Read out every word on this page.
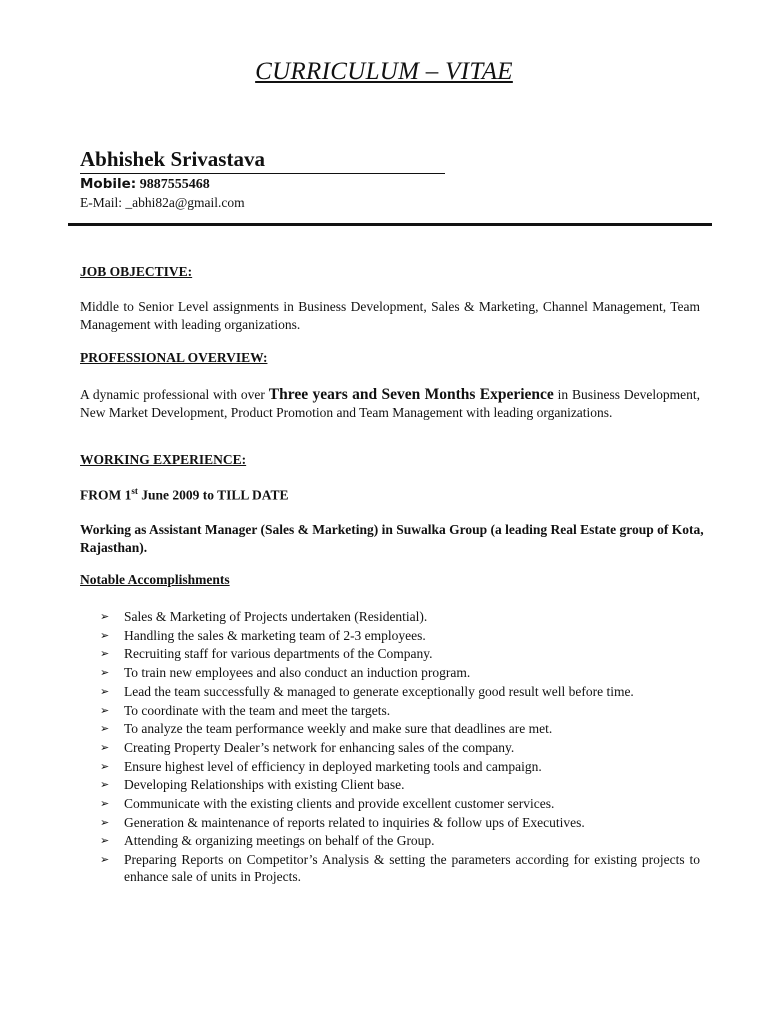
CURRICULUM – VITAE
Abhishek Srivastava
Mobile: 9887555468
E-Mail: _abhi82a@gmail.com
JOB OBJECTIVE:
Middle to Senior Level assignments in Business Development, Sales & Marketing, Channel Management, Team Management with leading organizations.
PROFESSIONAL OVERVIEW:
A dynamic professional with over Three years and Seven Months Experience in Business Development, New Market Development, Product Promotion and Team Management with leading organizations.
WORKING EXPERIENCE:
FROM 1st June 2009 to TILL DATE
Working as Assistant Manager (Sales & Marketing) in Suwalka Group (a leading Real Estate group of Kota, Rajasthan).
Notable Accomplishments
➢ Sales & Marketing of Projects undertaken (Residential).
➢ Handling the sales & marketing team of 2-3 employees.
➢ Recruiting staff for various departments of the Company.
➢ To train new employees and also conduct an induction program.
➢ Lead the team successfully & managed to generate exceptionally good result well before time.
➢ To coordinate with the team and meet the targets.
➢ To analyze the team performance weekly and make sure that deadlines are met.
➢ Creating Property Dealer’s network for enhancing sales of the company.
➢ Ensure highest level of efficiency in deployed marketing tools and campaign.
➢ Developing Relationships with existing Client base.
➢ Communicate with the existing clients and provide excellent customer services.
➢ Generation & maintenance of reports related to inquiries & follow ups of Executives.
➢ Attending & organizing meetings on behalf of the Group.
➢ Preparing Reports on Competitor’s Analysis & setting the parameters according for existing projects to enhance sale of units in Projects.
